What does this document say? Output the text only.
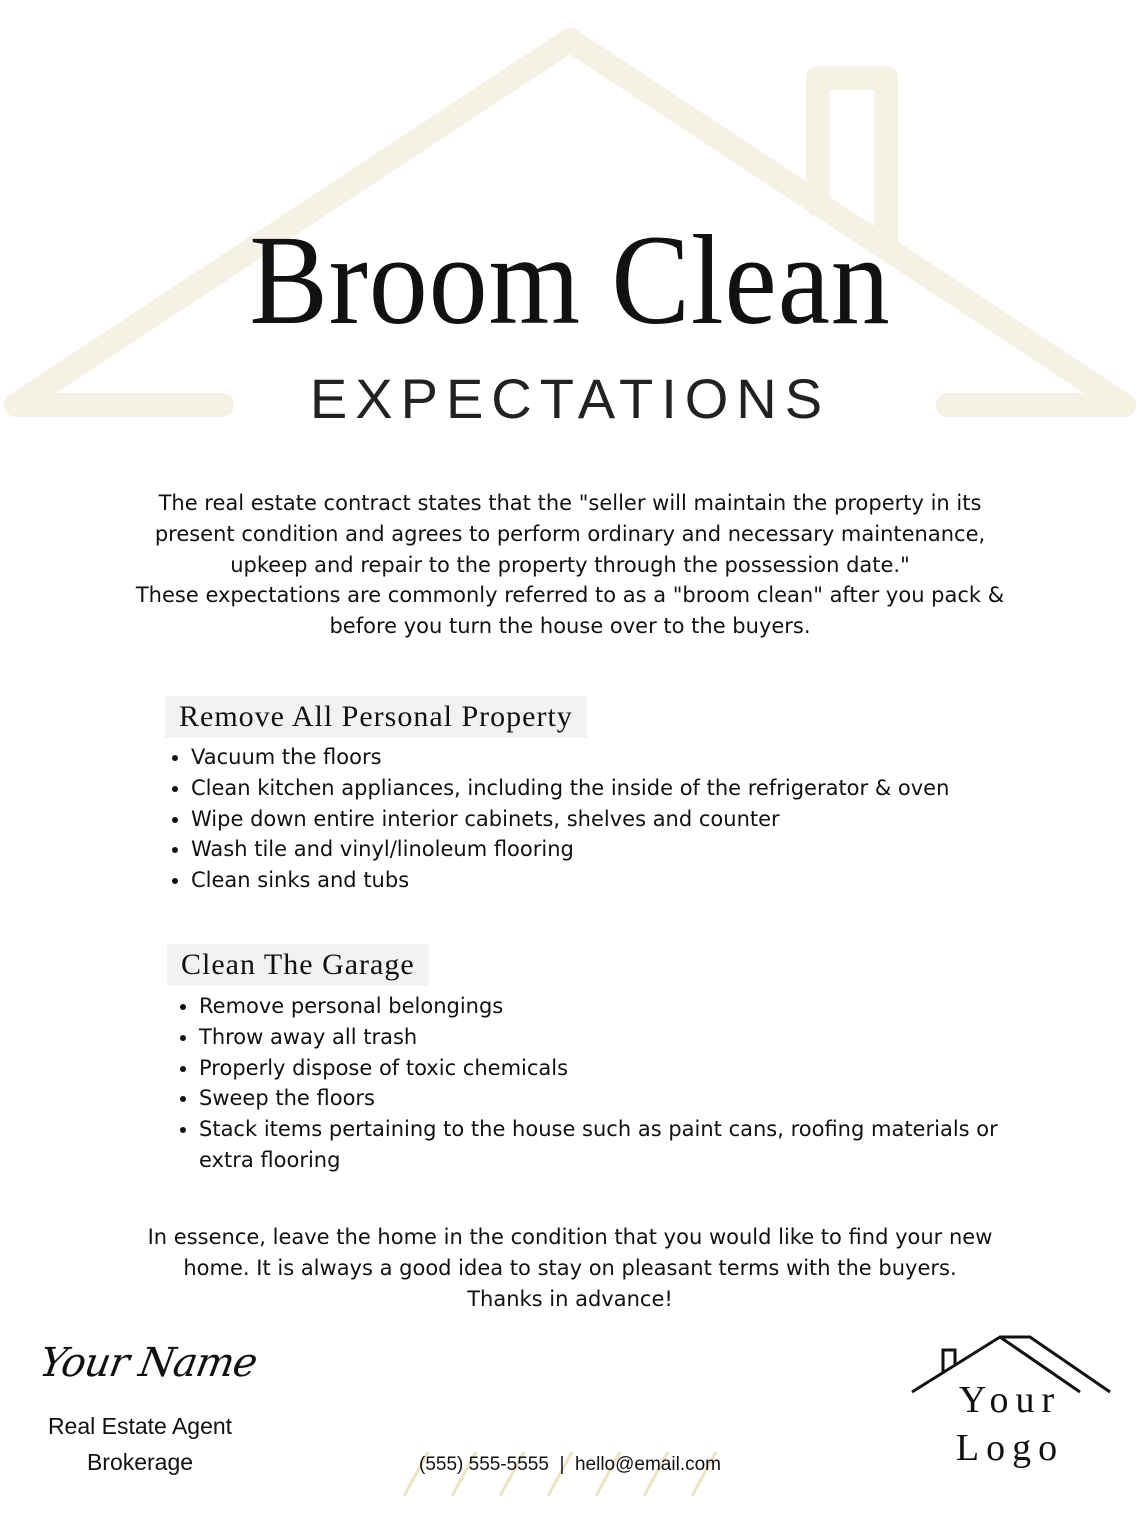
Broom Clean
EXPECTATIONS

The real estate contract states that the "seller will maintain the property in its present condition and agrees to perform ordinary and necessary maintenance, upkeep and repair to the property through the possession date."

These expectations are commonly referred to as a "broom clean" after you pack & before you turn the house over to the buyers.

Remove All Personal Property
• Vacuum the floors
• Clean kitchen appliances, including the inside of the refrigerator & oven
• Wipe down entire interior cabinets, shelves and counter
• Wash tile and vinyl/linoleum flooring
• Clean sinks and tubs
Clean The Garage
• Remove personal belongings
• Throw away all trash
• Properly dispose of toxic chemicals
• Sweep the floors
• Stack items pertaining to the house such as paint cans, roofing materials or extra flooring
In essence, leave the home in the condition that you would like to find your new home. It is always a good idea to stay on pleasant terms with the buyers.
Thanks in advance!
Your Name
Real Estate Agent
Brokerage	(555) 555-5555  |  hello@email.com
Your
Logo
